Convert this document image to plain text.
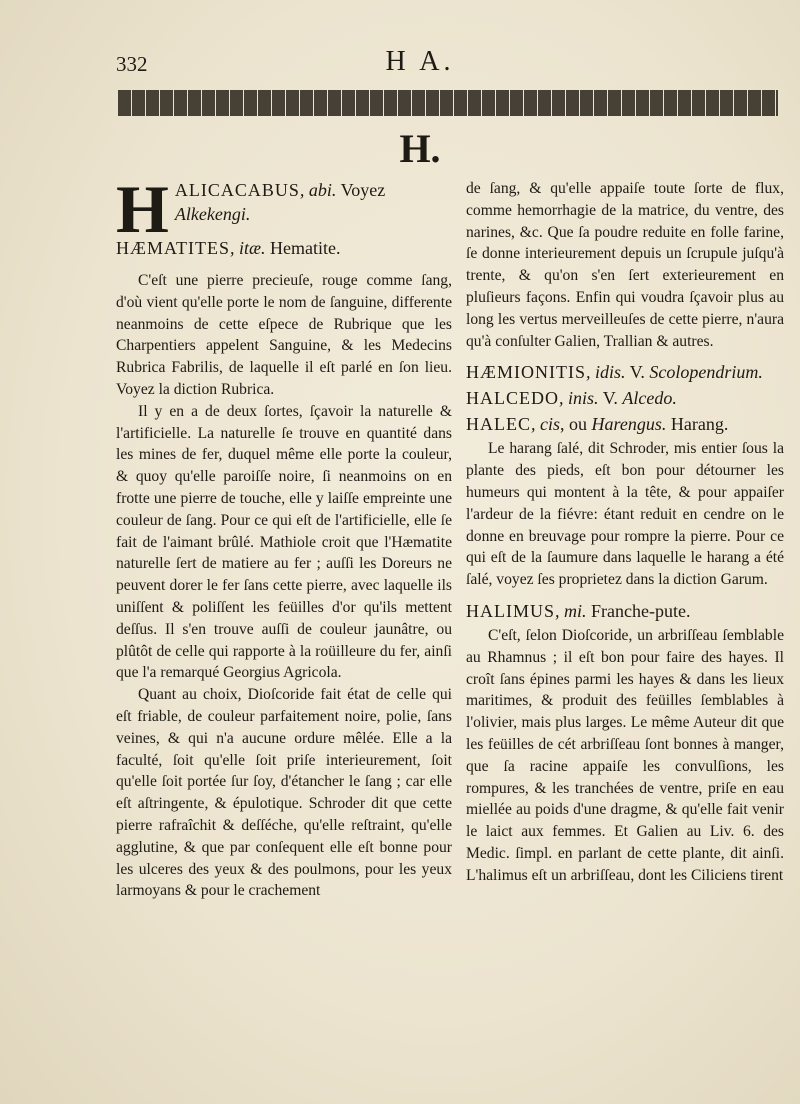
332	H A.
H.
H ALICACABUS, abi. Voyez
Alkekengi.
HÆMATITES, itæ. Hematite.

C'eſt une pierre precieuſe, rouge comme ſang, d'où vient qu'elle porte le nom de ſanguine, differente neanmoins de cette eſpece de Rubrique que les Charpentiers appelent Sanguine, & les Medecins Rubrica Fabrilis, de laquelle il eſt parlé en ſon lieu. Voyez la diction Rubrica.

Il y en a de deux ſortes, ſçavoir la naturelle & l'artificielle. La naturelle ſe trouve en quantité dans les mines de fer, duquel même elle porte la couleur, & quoy qu'elle paroiſſe noire, ſi neanmoins on en frotte une pierre de touche, elle y laiſſe empreinte une couleur de ſang. Pour ce qui eſt de l'artificielle, elle ſe fait de l'aimant brûlé. Mathiole croit que l'Hæmatite naturelle ſert de matiere au fer ; auſſi les Doreurs ne peuvent dorer le fer ſans cette pierre, avec laquelle ils uniſſent & poliſſent les feüilles d'or qu'ils mettent deſſus. Il s'en trouve auſſi de couleur jaunâtre, ou plûtôt de celle qui rapporte à la roüilleure du fer, ainſi que l'a remarqué Georgius Agricola.

Quant au choix, Dioſcoride fait état de celle qui eſt friable, de couleur parfaitement noire, polie, ſans veines, & qui n'a aucune ordure mêlée. Elle a la faculté, ſoit qu'elle ſoit priſe interieurement, ſoit qu'elle ſoit portée ſur ſoy, d'étancher le ſang ; car elle eſt aſtringente, & épulotique. Schroder dit que cette pierre rafraîchit & deſſéche, qu'elle reſtraint, qu'elle agglutine, & que par conſequent elle eſt bonne pour les ulceres des yeux & des poulmons, pour les yeux larmoyans & pour le crachement

de ſang, & qu'elle appaiſe toute ſorte de flux, comme hemorrhagie de la matrice, du ventre, des narines, &c. Que ſa poudre reduite en folle farine, ſe donne interieurement depuis un ſcrupule juſqu'à trente, & qu'on s'en ſert exterieurement en pluſieurs façons. Enfin qui voudra ſçavoir plus au long les vertus merveilleuſes de cette pierre, n'aura qu'à conſulter Galien, Trallian & autres.

HÆMIONITIS, idis. V. Scolopendrium.
HALCEDO, inis. V. Alcedo.
HALEC, cis, ou Harengus. Harang.

Le harang ſalé, dit Schroder, mis entier ſous la plante des pieds, eſt bon pour détourner les humeurs qui montent à la tête, & pour appaiſer l'ardeur de la fiévre: étant reduit en cendre on le donne en breuvage pour rompre la pierre. Pour ce qui eſt de la ſaumure dans laquelle le harang a été ſalé, voyez ſes proprietez dans la diction Garum.

HALIMUS, mi. Franche-pute.

C'eſt, ſelon Dioſcoride, un arbriſſeau ſemblable au Rhamnus ; il eſt bon pour faire des hayes. Il croît ſans épines parmi les hayes & dans les lieux maritimes, & produit des feüilles ſemblables à l'olivier, mais plus larges. Le même Auteur dit que les feüilles de cét arbriſſeau ſont bonnes à manger, que ſa racine appaiſe les convulſions, les rompures, & les tranchées de ventre, priſe en eau miellée au poids d'une dragme, & qu'elle fait venir le laict aux femmes. Et Galien au Liv. 6. des Medic. ſimpl. en parlant de cette plante, dit ainſi. L'halimus eſt un arbriſſeau, dont les Ciliciens tirent
